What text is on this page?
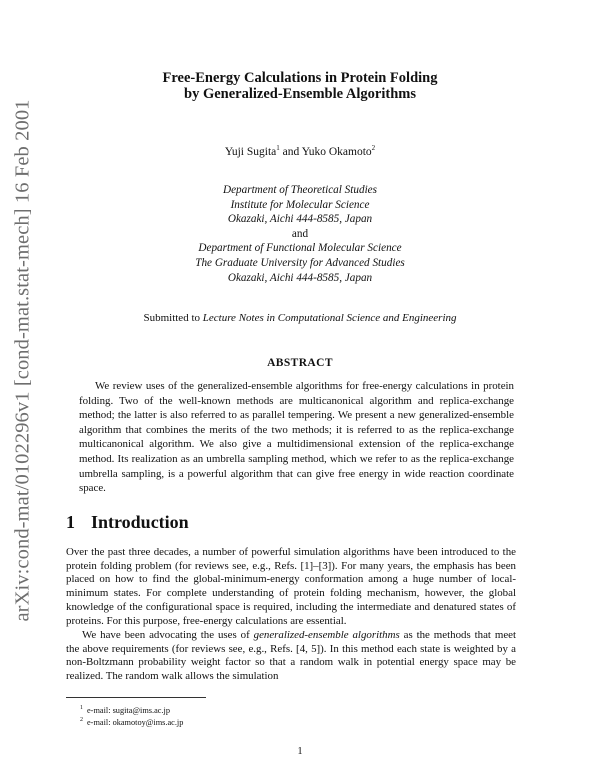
arXiv:cond-mat/0102296v1 [cond-mat.stat-mech] 16 Feb 2001
Free-Energy Calculations in Protein Folding
by Generalized-Ensemble Algorithms
Yuji Sugita$^1$ and Yuko Okamoto$^2$
Department of Theoretical Studies
Institute for Molecular Science
Okazaki, Aichi 444-8585, Japan
and
Department of Functional Molecular Science
The Graduate University for Advanced Studies
Okazaki, Aichi 444-8585, Japan
Submitted to Lecture Notes in Computational Science and Engineering
ABSTRACT

We review uses of the generalized-ensemble algorithms for free-energy calculations in protein folding. Two of the well-known methods are multicanonical algorithm and replica-exchange method; the latter is also referred to as parallel tempering. We present a new generalized-ensemble algorithm that combines the merits of the two methods; it is referred to as the replica-exchange multicanonical algorithm. We also give a multidimensional extension of the replica-exchange method. Its realization as an umbrella sampling method, which we refer to as the replica-exchange umbrella sampling, is a powerful algorithm that can give free energy in wide reaction coordinate space.

1 Introduction

Over the past three decades, a number of powerful simulation algorithms have been introduced to the protein folding problem (for reviews see, e.g., Refs. [1]–[3]). For many years, the emphasis has been placed on how to find the global-minimum-energy conformation among a huge number of local-minimum states. For complete understanding of protein folding mechanism, however, the global knowledge of the configurational space is required, including the intermediate and denatured states of proteins. For this purpose, free-energy calculations are essential.

We have been advocating the uses of generalized-ensemble algorithms as the methods that meet the above requirements (for reviews see, e.g., Refs. [4, 5]). In this method each state is weighted by a non-Boltzmann probability weight factor so that a random walk in potential energy space may be realized. The random walk allows the simulation

$^1$ e-mail: sugita@ims.ac.jp
$^2$ e-mail: okamotoy@ims.ac.jp
1
